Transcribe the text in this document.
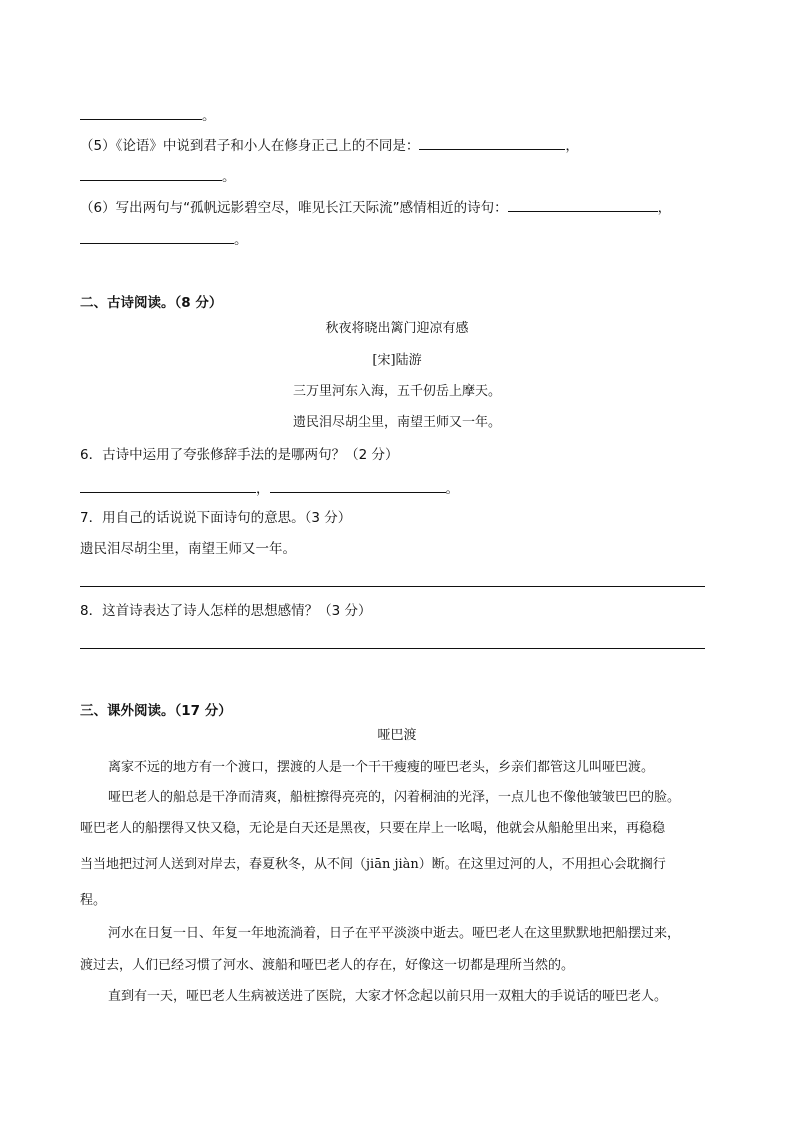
。
（5）《论语》中说到君子和小人在修身正己上的不同是：	，
。
（6）写出两句与“孤帆远影碧空尽，唯见长江天际流”感情相近的诗句：	，
。
二、古诗阅读。（8 分）
秋夜将晓出篱门迎凉有感
[宋]陆游
三万里河东入海，五千仞岳上摩天。
遗民泪尽胡尘里，南望王师又一年。
6．古诗中运用了夸张修辞手法的是哪两句？（2 分）
，	。
7．用自己的话说说下面诗句的意思。（3 分）
遗民泪尽胡尘里，南望王师又一年。
8．这首诗表达了诗人怎样的思想感情？（3 分）
三、课外阅读。（17 分）
哑巴渡
离家不远的地方有一个渡口，摆渡的人是一个干干瘦瘦的哑巴老头，乡亲们都管这儿叫哑巴渡。
哑巴老人的船总是干净而清爽，船桩擦得亮亮的，闪着桐油的光泽，一点儿也不像他皱皱巴巴的脸。
哑巴老人的船摆得又快又稳，无论是白天还是黑夜，只要在岸上一吆喝，他就会从船舱里出来，再稳稳
当当地把过河人送到对岸去，春夏秋冬，从不间（jiān jiàn）断。在这里过河的人，不用担心会耽搁行
程。
河水在日复一日、年复一年地流淌着，日子在平平淡淡中逝去。哑巴老人在这里默默地把船摆过来，
渡过去，人们已经习惯了河水、渡船和哑巴老人的存在，好像这一切都是理所当然的。
直到有一天，哑巴老人生病被送进了医院，大家才怀念起以前只用一双粗大的手说话的哑巴老人。
